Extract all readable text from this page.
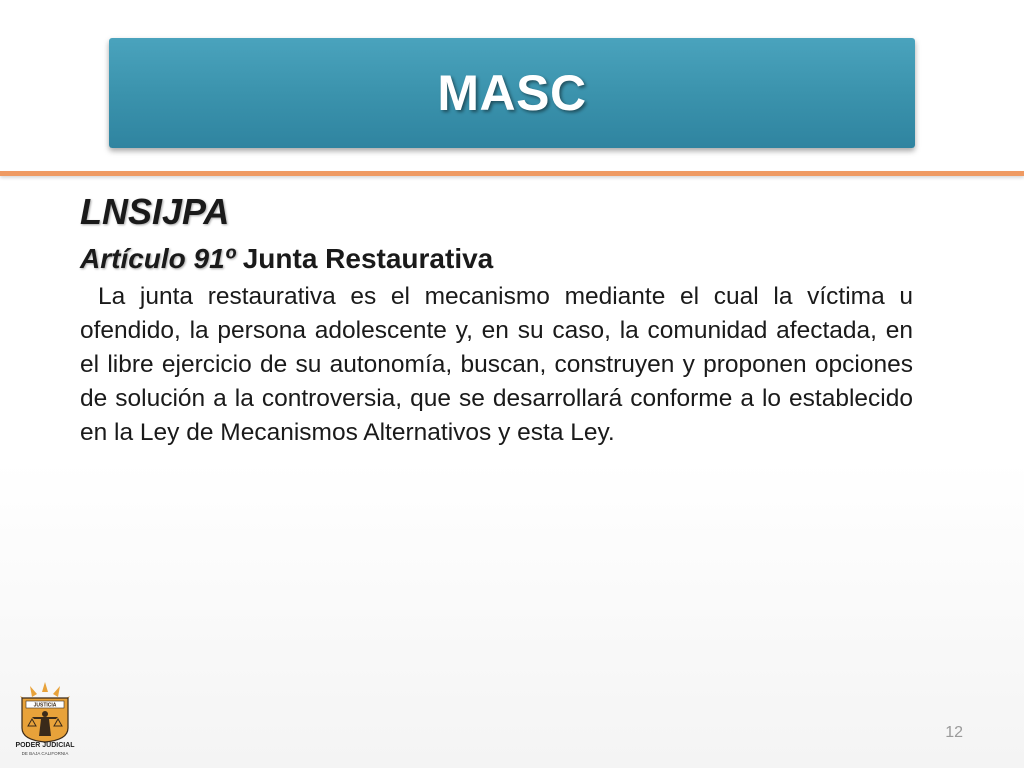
MASC
LNSIJPA
Artículo 91º Junta Restaurativa

La junta restaurativa es el mecanismo mediante el cual la víctima u ofendido, la persona adolescente y, en su caso, la comunidad afectada, en el libre ejercicio de su autonomía, buscan, construyen y proponen opciones de solución a la controversia, que se desarrollará conforme a lo establecido en la Ley de Mecanismos Alternativos y esta Ley.

JUSTICIA
PODER JUDICIAL
DE BAJA CALIFORNIA
12
